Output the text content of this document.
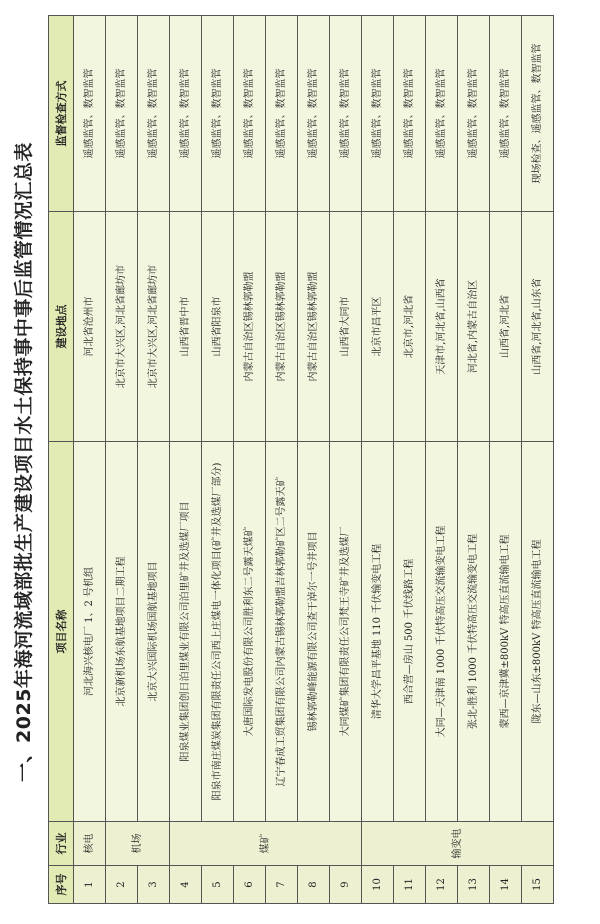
一、2025年海河流域部批生产建设项目水土保持事中事后监管情况汇总表
序号	行业	项目名称	建设地点	监督检查方式
1	核电	河北海兴核电厂 1、2 号机组	河北省沧州市	遥感监管、数智监管
2	机场	北京新机场东航基地项目二期工程	北京市大兴区,河北省廊坊市	遥感监管、数智监管
3		北京大兴国际机场国航基地项目	北京市大兴区,河北省廊坊市	遥感监管、数智监管
4	煤矿	阳泉煤业集团创日泊里煤业有限公司泊里矿井及选煤厂项目	山西省晋中市	遥感监管、数智监管
5		阳泉市南庄煤炭集团有限责任公司西上庄煤电一体化项目(矿井及选煤厂部分)	山西省阳泉市	遥感监管、数智监管
6		大唐国际发电股份有限公司胜利东二号露天煤矿	内蒙古自治区锡林郭勒盟	遥感监管、数智监管
7		辽宁春成工贸集团有限公司内蒙古锡林郭勒盟吉林郭勒矿区二号露天矿	内蒙古自治区锡林郭勒盟	遥感监管、数智监管
8		锡林郭勒峰能源有限公司查干淖尔一号井项目	内蒙古自治区锡林郭勒盟	遥感监管、数智监管
9		大同煤矿集团有限责任公司梵王寺矿井及选煤厂	山西省大同市	遥感监管、数智监管
10	输变电	清华大学昌平基地 110 千伏输变电工程	北京市昌平区	遥感监管、数智监管
11		西合营—房山 500 千伏线路工程	北京市,河北省	遥感监管、数智监管
12		大同—天津南 1000 千伏特高压交流输变电工程	天津市,河北省,山西省	遥感监管、数智监管
13		张北-胜利 1000 千伏特高压交流输变电工程	河北省,内蒙古自治区	遥感监管、数智监管
14		蒙西—京津冀±800kV 特高压直流输电工程	山西省,河北省	遥感监管、数智监管
15		陇东—山东±800kV 特高压直流输电工程	山西省,河北省,山东省	现场检查、遥感监管、数智监管
